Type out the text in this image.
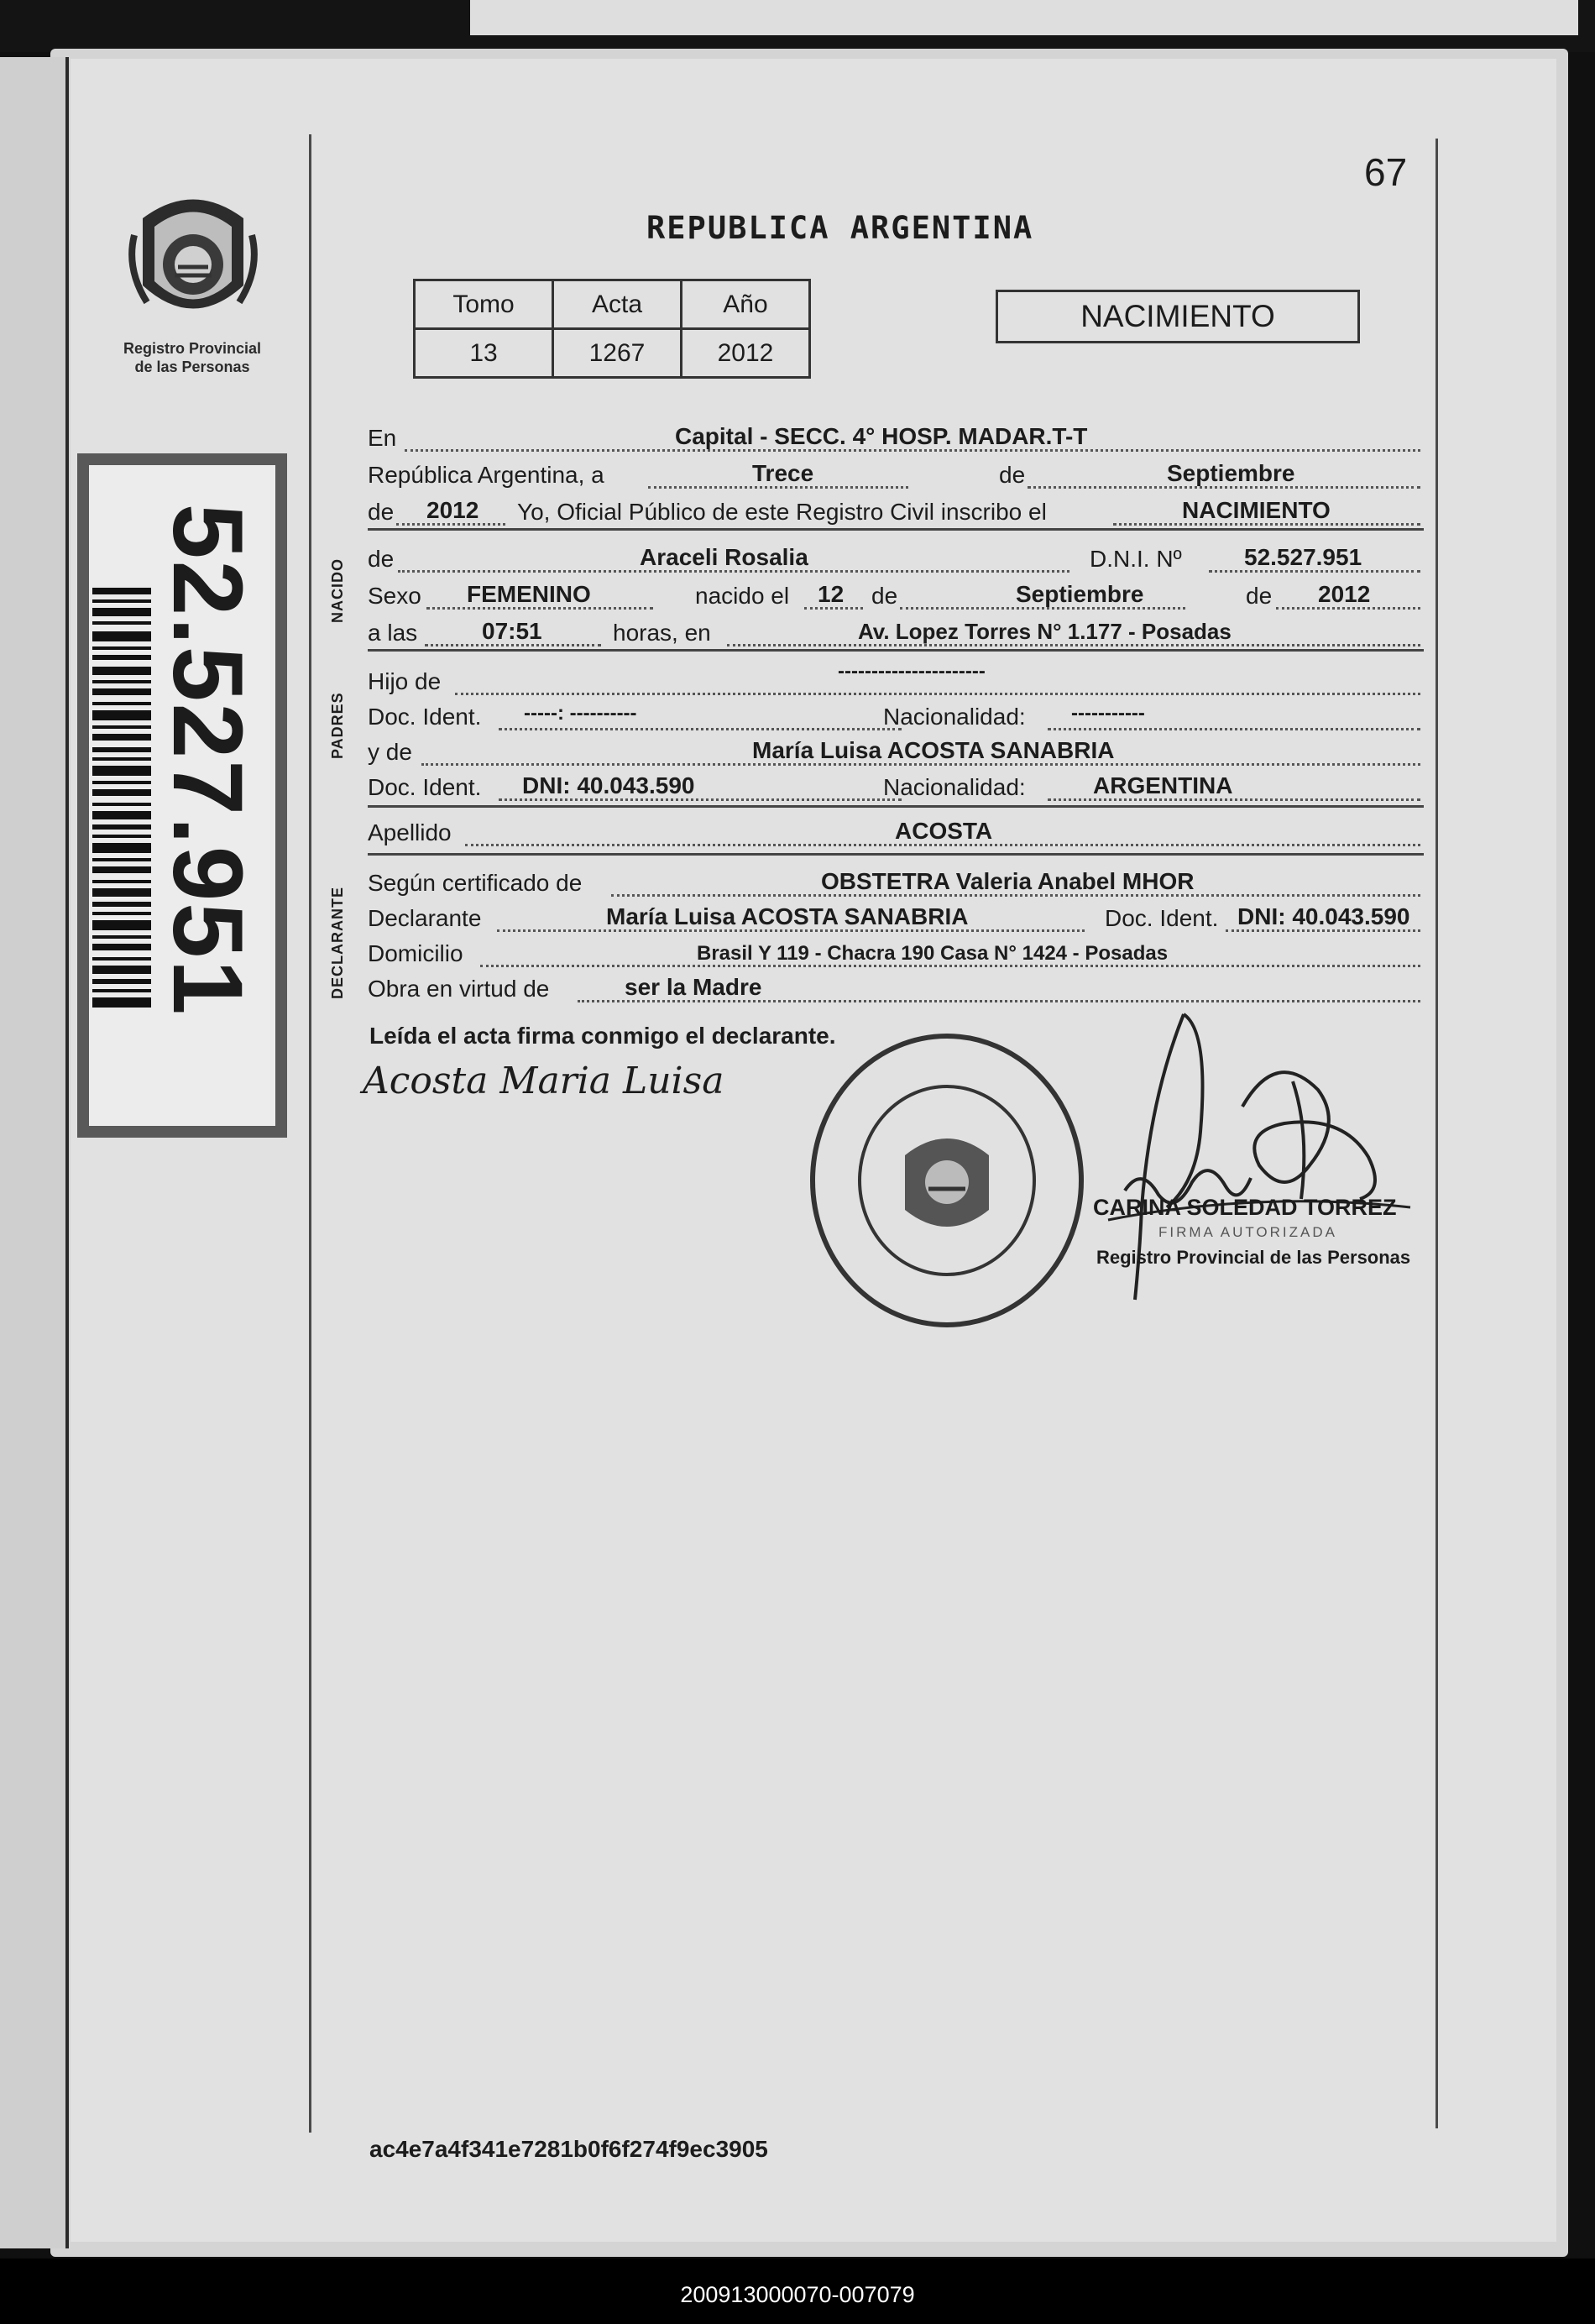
200913000070-007079
67
Registro Provincial
de las Personas
52.527.951
REPUBLICA ARGENTINA
Tomo	Acta	Año
13	1267	2012
NACIMIENTO
En	Capital - SECC. 4° HOSP. MADAR.T-T
República Argentina, a	Trece	de	Septiembre
de 2012 Yo, Oficial Público de este Registro Civil inscribo el	NACIMIENTO
NACIDO de	Araceli Rosalia	D.N.I. Nº	52.527.951
Sexo FEMENINO	nacido el 12 de	Septiembre	de 2012
a las	07:51	horas, en	Av. Lopez Torres N° 1.177 - Posadas
PADRES
Hijo de	----------------------
Doc. Ident. -----: ----------	Nacionalidad: -----------
y de	María Luisa ACOSTA SANABRIA
Doc. Ident. DNI: 40.043.590	Nacionalidad:	ARGENTINA
Apellido	ACOSTA
DECLARANTE
Según certificado de	OBSTETRA Valeria Anabel MHOR
Declarante	María Luisa ACOSTA SANABRIA	Doc. Ident. DNI: 40.043.590
Domicilio	Brasil Y 119 - Chacra 190 Casa N° 1424 - Posadas
Obra en virtud de	ser la Madre
Leída el acta firma conmigo el declarante.
Acosta Maria Luisa
CARINA SOLEDAD TORREZ
FIRMA AUTORIZADA
Registro Provincial de las Personas
ac4e7a4f341e7281b0f6f274f9ec3905
